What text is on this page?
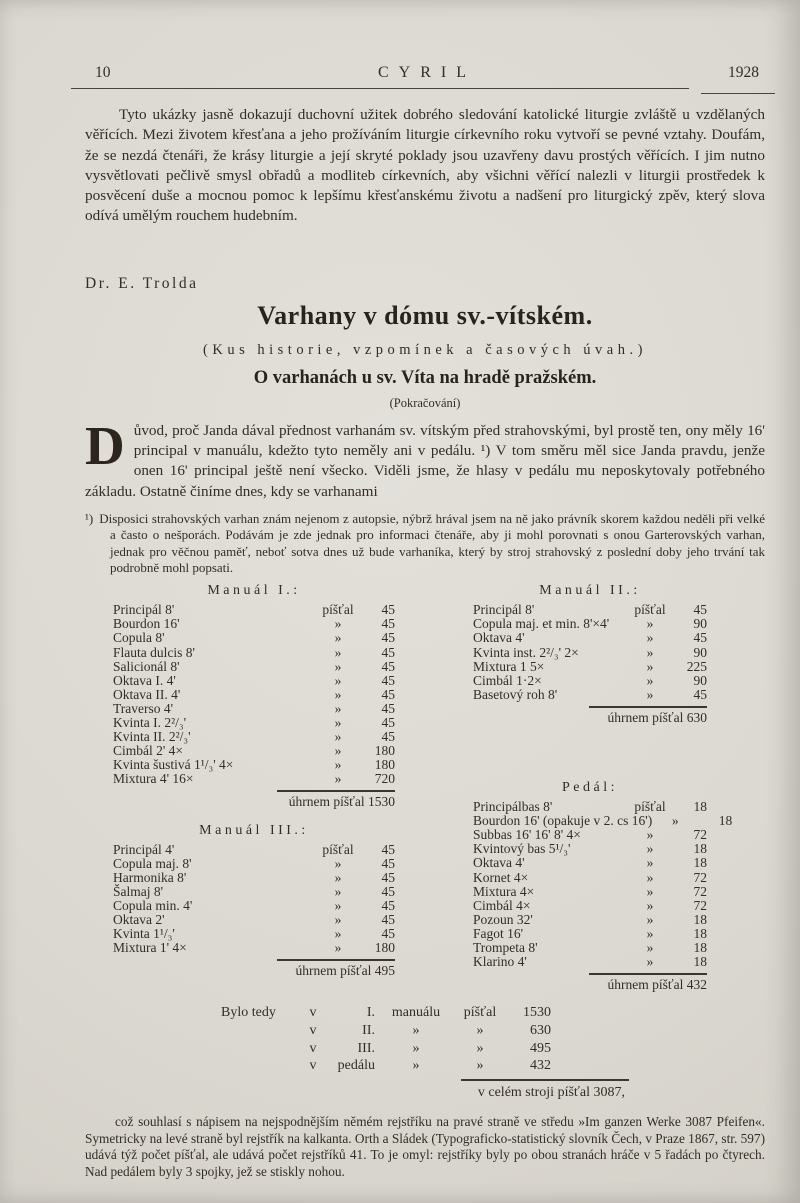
10	CYRIL	1928

Tyto ukázky jasně dokazují duchovní užitek dobrého sledování katolické liturgie zvláště u vzdělaných věřících. Mezi životem křesťana a jeho prožíváním liturgie církevního roku vytvoří se pevné vztahy. Doufám, že se nezdá čtenáři, že krásy liturgie a její skryté poklady jsou uzavřeny davu prostých věřících. I jim nutno vysvětlovati pečlivě smysl obřadů a modliteb církevních, aby všichni věřící nalezli v liturgii prostředek k posvěcení duše a mocnou pomoc k lepšímu křesťanskému životu a nadšení pro liturgický zpěv, který slova odívá umělým rouchem hudebním.

Dr. E. Trolda

Varhany v dómu sv.-vítském.

(Kus historie, vzpomínek a časových úvah.)

O varhanách u sv. Víta na hradě pražském.

(Pokračování)

Důvod, proč Janda dával přednost varhanám sv. vítským před strahovskými, byl prostě ten, ony měly 16' principal v manuálu, kdežto tyto neměly ani v pedálu. ¹) V tom směru měl sice Janda pravdu, jenže onen 16' principal ještě není všecko. Viděli jsme, že hlasy v pedálu mu neposkytovaly potřebného základu. Ostatně činíme dnes, kdy se varhanami

¹) Disposici strahovských varhan znám nejenom z autopsie, nýbrž hrával jsem na ně jako právník skorem každou neděli při velké a často o nešporách. Podávám je zde jednak pro informaci čtenáře, aby ji mohl porovnati s onou Garterovských varhan, jednak pro věčnou paměť, neboť sotva dnes už bude varhaníka, který by stroj strahovský z poslední doby jeho trvání tak podrobně mohl popsati.

Manuál I.:
Principál 8'	píšťal	45
Bourdon 16'	»	45
Copula 8'	»	45
Flauta dulcis 8'	»	45
Salicionál 8'	»	45
Oktava I. 4'	»	45
Oktava II. 4'	»	45
Traverso 4'	»	45
Kvinta I. 2²/₃'	»	45
Kvinta II. 2²/₃'	»	45
Cimbál 2' 4×	»	180
Kvinta šustivá 1¹/₃' 4×	»	180
Mixtura 4' 16×	»	720
úhrnem píšťal 1530
Manuál III.:
Principál 4'	píšťal	45
Copula maj. 8'	»	45
Harmonika 8'	»	45
Šalmaj 8'	»	45
Copula min. 4'	»	45
Oktava 2'	»	45
Kvinta 1¹/₃'	»	45
Mixtura 1' 4×	»	180
úhrnem píšťal 495
Manuál II.:
Principál 8'	píšťal	45
Copula maj. et min. 8'×4'	»	90
Oktava 4'	»	45
Kvinta inst. 2²/₃' 2×	»	90
Mixtura 1 5×	»	225
Cimbál 1·2×	»	90
Basetový roh 8'	»	45
úhrnem píšťal 630
Pedál:
Principálbas 8'	píšťal	18
Bourdon 16' (opakuje v 2. cs 16')	»	18
Subbas 16' 16' 8' 4×	»	72
Kvintový bas 5¹/₃'	»	18
Oktava 4'	»	18
Kornet 4×	»	72
Mixtura 4×	»	72
Cimbál 4×	»	72
Pozoun 32'	»	18
Fagot 16'	»	18
Trompeta 8'	»	18
Klarino 4'	»	18
úhrnem píšťal 432
Bylo tedy	v	I.	manuálu	píšťal	1530
v	II.	»	»	630
v	III.	»	»	495
v	pedálu	»	»	432
v celém stroji píšťal 3087,

což souhlasí s nápisem na nejspodnějším němém rejstříku na pravé straně ve středu »Im ganzen Werke 3087 Pfeifen«. Symetricky na levé straně byl rejstřík na kalkanta. Orth a Sládek (Typograficko-statistický slovník Čech, v Praze 1867, str. 597) udává týž počet píšťal, ale udává počet rejstříků 41. To je omyl: rejstříky byly po obou stranách hráče v 5 řadách po čtyrech. Nad pedálem byly 3 spojky, jež se stiskly nohou.
